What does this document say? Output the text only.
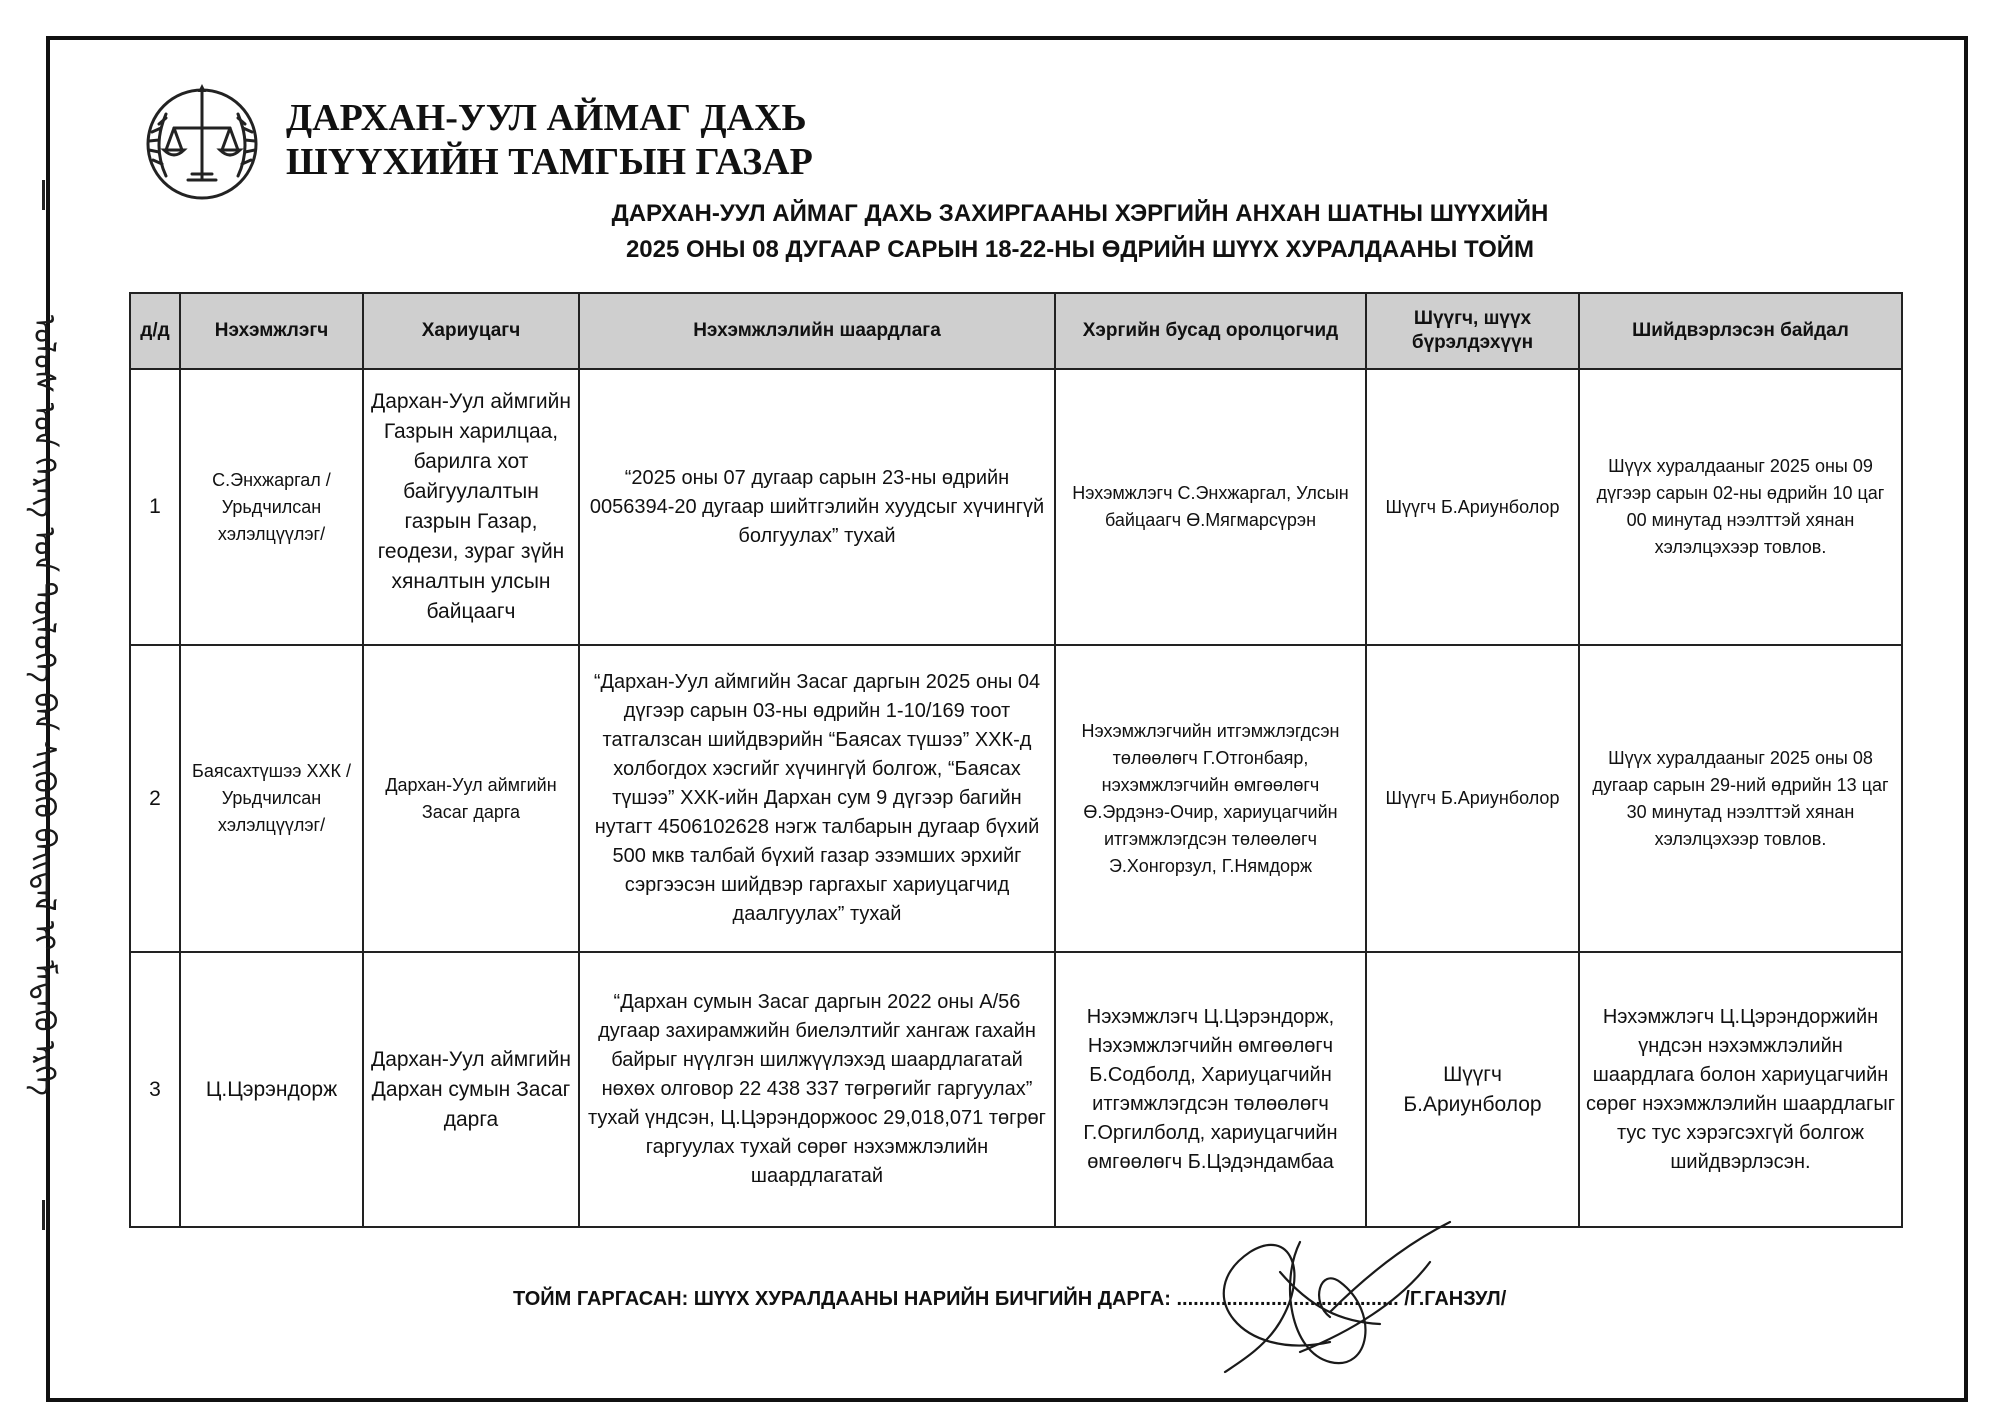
ᠤᠯᠤᠰ ᠤᠨ ᠬᠡᠷᠡᠭ ᠤᠨ ᠲᠥᠯᠦᠭᠡ ᠪᠠᠨ ᠰᠢᠭᠦᠬᠦ ᠪᠠᠢᠳᠠᠯ ᠢ ᠮᠡᠳᠡᠬᠦ ᠡᠷᠬᠡ
ДАРХАН-УУЛ АЙМАГ ДАХЬ
ШҮҮХИЙН ТАМГЫН ГАЗАР
ДАРХАН-УУЛ АЙМАГ ДАХЬ ЗАХИРГААНЫ ХЭРГИЙН АНХАН ШАТНЫ ШҮҮХИЙН
2025 ОНЫ 08 ДУГААР САРЫН 18-22-НЫ ӨДРИЙН ШҮҮХ ХУРАЛДААНЫ ТОЙМ
д/д	Нэхэмжлэгч	Хариуцагч	Нэхэмжлэлийн шаардлага	Хэргийн бусад оролцогчид	Шүүгч, шүүх бүрэлдэхүүн	Шийдвэрлэсэн байдал
1	С.Энхжаргал /Урьдчилсан хэлэлцүүлэг/	Дархан-Уул аймгийн Газрын харилцаа, барилга хот байгуулалтын газрын Газар, геодези, зураг зүйн хяналтын улсын байцаагч	“2025 оны 07 дугаар сарын 23-ны өдрийн 0056394-20 дугаар шийтгэлийн хуудсыг хүчингүй болгуулах” тухай	Нэхэмжлэгч С.Энхжаргал, Улсын байцаагч Ө.Мягмарсүрэн	Шүүгч Б.Ариунболор	Шүүх хуралдааныг 2025 оны 09 дүгээр сарын 02-ны өдрийн 10 цаг 00 минутад нээлттэй хянан хэлэлцэхээр товлов.
2	Баясахтүшээ ХХК /Урьдчилсан хэлэлцүүлэг/	Дархан-Уул аймгийн Засаг дарга	“Дархан-Уул аймгийн Засаг даргын 2025 оны 04 дүгээр сарын 03-ны өдрийн 1-10/169 тоот татгалзсан шийдвэрийн “Баясах түшээ” ХХК-д холбогдох хэсгийг хүчингүй болгож, “Баясах түшээ” ХХК-ийн Дархан сум 9 дүгээр багийн нутагт 4506102628 нэгж талбарын дугаар бүхий 500 мкв талбай бүхий газар эзэмших эрхийг сэргээсэн шийдвэр гаргахыг хариуцагчид даалгуулах” тухай	Нэхэмжлэгчийн итгэмжлэгдсэн төлөөлөгч Г.Отгонбаяр, нэхэмжлэгчийн өмгөөлөгч Ө.Эрдэнэ-Очир, хариуцагчийн итгэмжлэгдсэн төлөөлөгч Э.Хонгорзул, Г.Нямдорж	Шүүгч Б.Ариунболор	Шүүх хуралдааныг 2025 оны 08 дугаар сарын 29-ний өдрийн 13 цаг 30 минутад нээлттэй хянан хэлэлцэхээр товлов.
3	Ц.Цэрэндорж	Дархан-Уул аймгийн Дархан сумын Засаг дарга	“Дархан сумын Засаг даргын 2022 оны А/56 дугаар захирамжийн биелэлтийг хангаж гахайн байрыг нүүлгэн шилжүүлэхэд шаардлагатай нөхөх олговор 22 438 337 төгрөгийг гаргуулах” тухай үндсэн, Ц.Цэрэндоржоос 29,018,071 төгрөг гаргуулах тухай сөрөг нэхэмжлэлийн шаардлагатай	Нэхэмжлэгч Ц.Цэрэндорж, Нэхэмжлэгчийн өмгөөлөгч Б.Содболд, Хариуцагчийн итгэмжлэгдсэн төлөөлөгч Г.Оргилболд, хариуцагчийн өмгөөлөгч Б.Цэдэндамбаа	Шүүгч Б.Ариунболор	Нэхэмжлэгч Ц.Цэрэндоржийн үндсэн нэхэмжлэлийн шаардлага болон хариуцагчийн сөрөг нэхэмжлэлийн шаардлагыг тус тус хэрэгсэхгүй болгож шийдвэрлэсэн.
ТОЙМ ГАРГАСАН: ШҮҮХ ХУРАЛДААНЫ НАРИЙН БИЧГИЙН ДАРГА: ........................................ /Г.ГАНЗУЛ/
